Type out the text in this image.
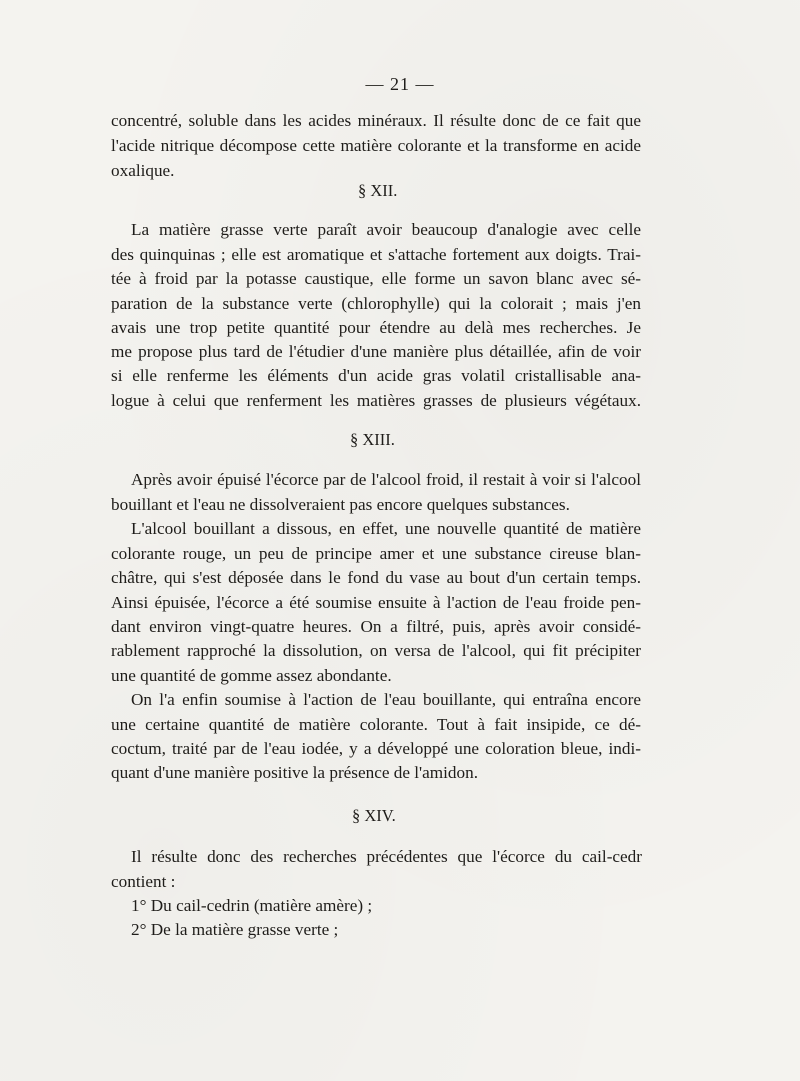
— 21 —
concentré, soluble dans les acides minéraux. Il résulte donc de ce fait que
l'acide nitrique décompose cette matière colorante et la transforme en acide
oxalique.
§ XII.
La matière grasse verte paraît avoir beaucoup d'analogie avec celle
des quinquinas ; elle est aromatique et s'attache fortement aux doigts. Trai-
tée à froid par la potasse caustique, elle forme un savon blanc avec sé-
paration de la substance verte (chlorophylle) qui la colorait ; mais j'en
avais une trop petite quantité pour étendre au delà mes recherches. Je
me propose plus tard de l'étudier d'une manière plus détaillée, afin de voir
si elle renferme les éléments d'un acide gras volatil cristallisable ana-
logue à celui que renferment les matières grasses de plusieurs végétaux.
§ XIII.
Après avoir épuisé l'écorce par de l'alcool froid, il restait à voir si l'alcool
bouillant et l'eau ne dissolveraient pas encore quelques substances.
L'alcool bouillant a dissous, en effet, une nouvelle quantité de matière
colorante rouge, un peu de principe amer et une substance cireuse blan-
châtre, qui s'est déposée dans le fond du vase au bout d'un certain temps.
Ainsi épuisée, l'écorce a été soumise ensuite à l'action de l'eau froide pen-
dant environ vingt-quatre heures. On a filtré, puis, après avoir considé-
rablement rapproché la dissolution, on versa de l'alcool, qui fit précipiter
une quantité de gomme assez abondante.
On l'a enfin soumise à l'action de l'eau bouillante, qui entraîna encore
une certaine quantité de matière colorante. Tout à fait insipide, ce dé-
coctum, traité par de l'eau iodée, y a développé une coloration bleue, indi-
quant d'une manière positive la présence de l'amidon.
§ XIV.
Il résulte donc des recherches précédentes que l'écorce du cail-cedr
contient :
1° Du cail-cedrin (matière amère) ;
2° De la matière grasse verte ;
